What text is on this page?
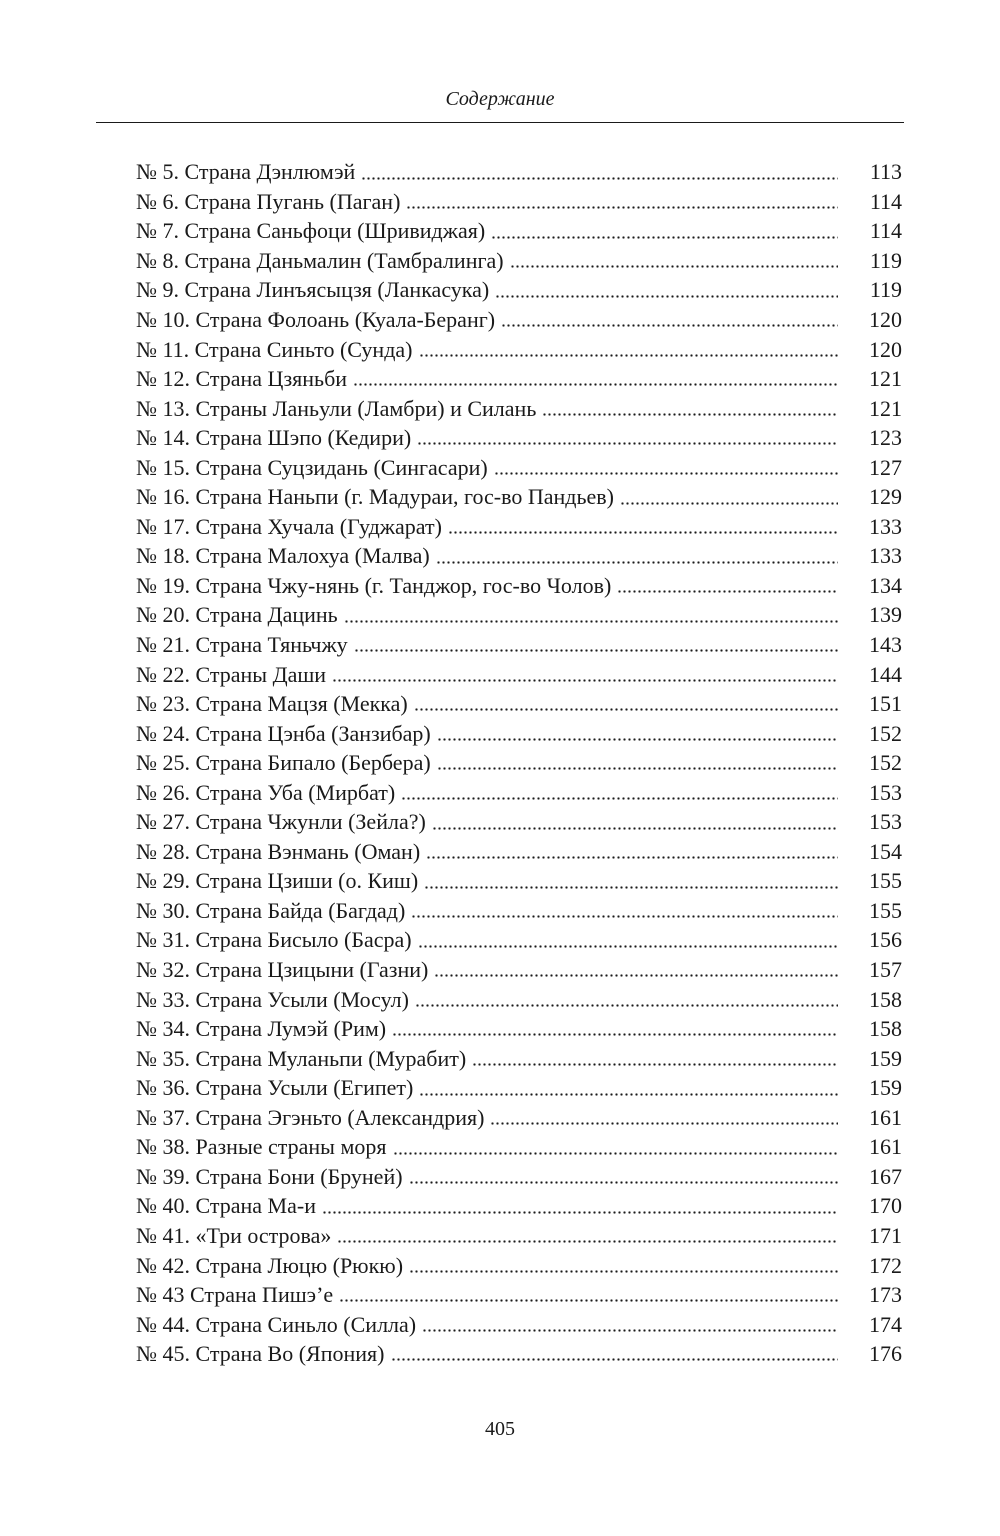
Содержание
№ 5. Страна Дэнлюмэй	113
№ 6. Страна Пугань (Паган)	114
№ 7. Страна Саньфоци (Шривиджая)	114
№ 8. Страна Даньмалин (Тамбралинга)	119
№ 9. Страна Линъясыцзя (Ланкасука)	119
№ 10. Страна Фолоань (Куала-Беранг)	120
№ 11. Страна Синьто (Сунда)	120
№ 12. Страна Цзяньби	121
№ 13. Страны Ланьули (Ламбри) и Силань	121
№ 14. Страна Шэпо (Кедири)	123
№ 15. Страна Суцзидань (Сингасари)	127
№ 16. Страна Наньпи (г. Мадураи, гос-во Пандьев)	129
№ 17. Страна Хучала (Гуджарат)	133
№ 18. Страна Малохуа (Малва)	133
№ 19. Страна Чжу-нянь (г. Танджор, гос-во Чолов)	134
№ 20. Страна Дацинь	139
№ 21. Страна Тяньчжу	143
№ 22. Страны Даши	144
№ 23. Страна Мацзя (Мекка)	151
№ 24. Страна Цэнба (Занзибар)	152
№ 25. Страна Бипало (Бербера)	152
№ 26. Страна Уба (Мирбат)	153
№ 27. Страна Чжунли (Зейла?)	153
№ 28. Страна Вэнмань (Оман)	154
№ 29. Страна Цзиши (о. Киш)	155
№ 30. Страна Байда (Багдад)	155
№ 31. Страна Бисыло (Басра)	156
№ 32. Страна Цзицыни (Газни)	157
№ 33. Страна Усыли (Мосул)	158
№ 34. Страна Лумэй (Рим)	158
№ 35. Страна Муланьпи (Мурабит)	159
№ 36. Страна Усыли (Египет)	159
№ 37. Страна Эгэньто (Александрия)	161
№ 38. Разные страны моря	161
№ 39. Страна Бони (Бруней)	167
№ 40. Страна Ма-и	170
№ 41. «Три острова»	171
№ 42. Страна Люцю (Рюкю)	172
№ 43 Страна Пишэ’е	173
№ 44. Страна Синьло (Силла)	174
№ 45. Страна Во (Япония)	176
405
